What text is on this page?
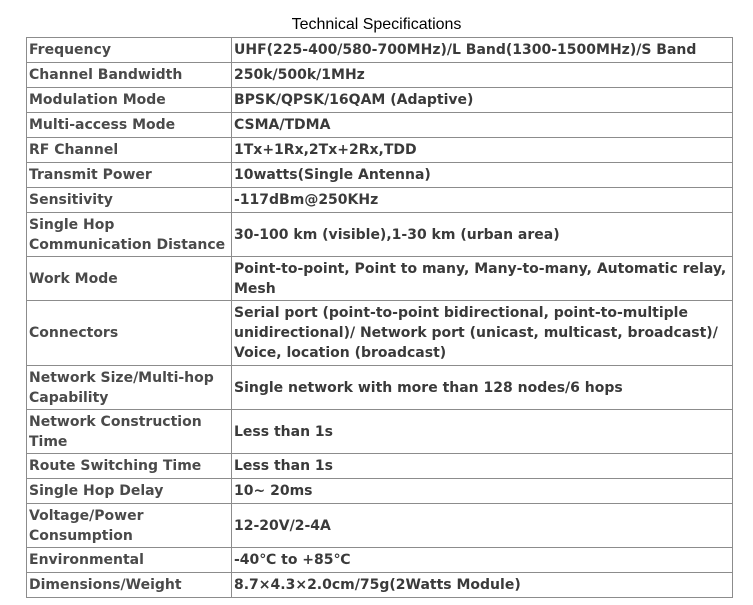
Technical Specifications
Frequency	UHF(225-400/580-700MHz)/L Band(1300-1500MHz)/S Band
Channel Bandwidth	250k/500k/1MHz
Modulation Mode	BPSK/QPSK/16QAM (Adaptive)
Multi-access Mode	CSMA/TDMA
RF Channel	1Tx+1Rx,2Tx+2Rx,TDD
Transmit Power	10watts(Single Antenna)
Sensitivity	-117dBm@250KHz
Single Hop Communication Distance	30-100 km (visible),1-30 km (urban area)
Work Mode	Point-to-point, Point to many, Many-to-many, Automatic relay, Mesh
Connectors	Serial port (point-to-point bidirectional, point-to-multiple unidirectional)/ Network port (unicast, multicast, broadcast)/ Voice, location (broadcast)
Network Size/Multi-hop Capability	Single network with more than 128 nodes/6 hops
Network Construction Time	Less than 1s
Route Switching Time	Less than 1s
Single Hop Delay	10~ 20ms
Voltage/Power Consumption	12-20V/2-4A
Environmental	-40℃ to +85℃
Dimensions/Weight	8.7×4.3×2.0cm/75g(2Watts Module)
